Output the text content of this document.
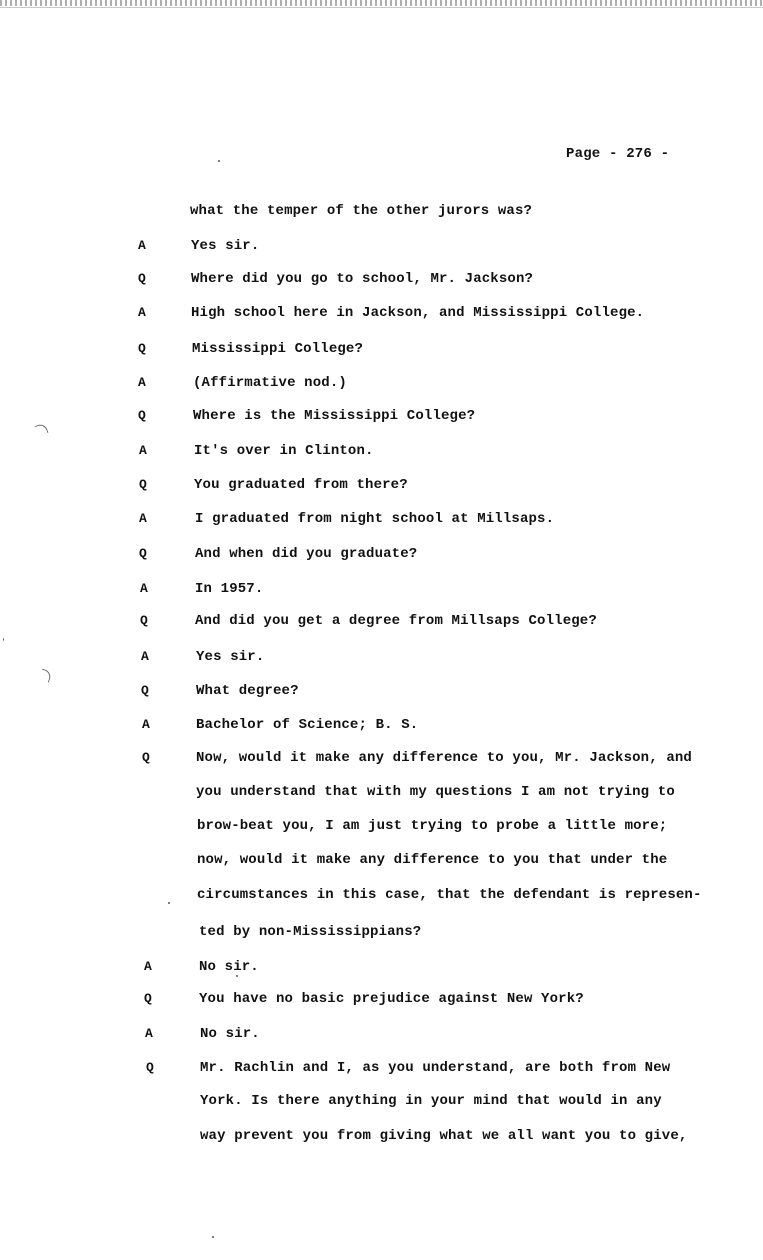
Page - 276 -
what the temper of the other jurors was?
A	Yes sir.
Q	Where did you go to school, Mr. Jackson?
A	High school here in Jackson, and Mississippi College.
Q	Mississippi College?
A	(Affirmative nod.)
Q	Where is the Mississippi College?
A	It's over in Clinton.
Q	You graduated from there?
A	I graduated from night school at Millsaps.
Q	And when did you graduate?
A	In 1957.
Q	And did you get a degree from Millsaps College?
A	Yes sir.
Q	What degree?
A	Bachelor of Science; B. S.
Q	Now, would it make any difference to you, Mr. Jackson, and
you understand that with my questions I am not trying to
brow-beat you, I am just trying to probe a little more;
now, would it make any difference to you that under the
circumstances in this case, that the defendant is represen-
ted by non-Mississippians?
A	No sir.
Q	You have no basic prejudice against New York?
A	No sir.
Q	Mr. Rachlin and I, as you understand, are both from New
York. Is there anything in your mind that would in any
way prevent you from giving what we all want you to give,
